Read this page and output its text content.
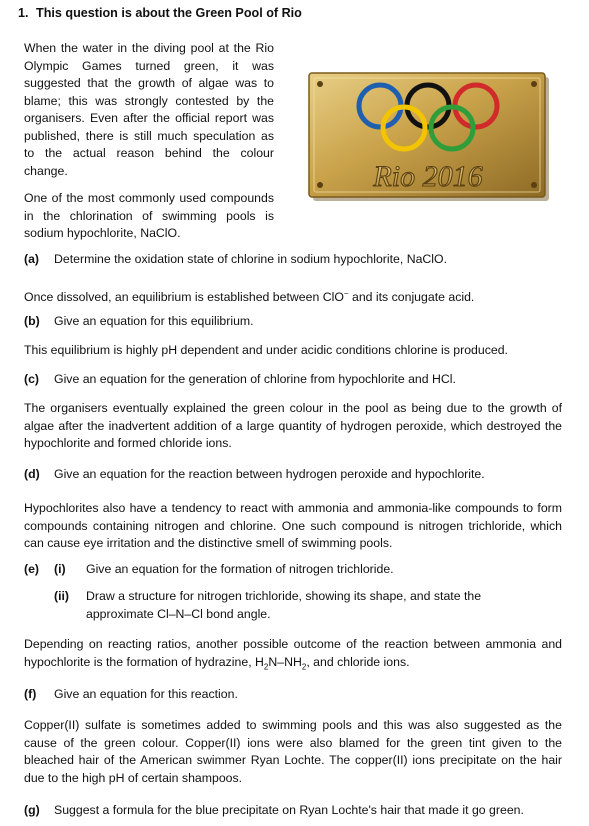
1. This question is about the Green Pool of Rio

When the water in the diving pool at the Rio Olympic Games turned green, it was suggested that the growth of algae was to blame; this was strongly contested by the organisers. Even after the official report was published, there is still much speculation as to the actual reason behind the colour change.

One of the most commonly used compounds in the chlorination of swimming pools is sodium hypochlorite, NaClO.

Rio 2016
(a) Determine the oxidation state of chlorine in sodium hypochlorite, NaClO.
Once dissolved, an equilibrium is established between ClO− and its conjugate acid.
(b) Give an equation for this equilibrium.
This equilibrium is highly pH dependent and under acidic conditions chlorine is produced.
(c) Give an equation for the generation of chlorine from hypochlorite and HCl.
The organisers eventually explained the green colour in the pool as being due to the growth of algae after the inadvertent addition of a large quantity of hydrogen peroxide, which destroyed the hypochlorite and formed chloride ions.
(d) Give an equation for the reaction between hydrogen peroxide and hypochlorite.
Hypochlorites also have a tendency to react with ammonia and ammonia-like compounds to form compounds containing nitrogen and chlorine. One such compound is nitrogen trichloride, which can cause eye irritation and the distinctive smell of swimming pools.
(e) (i) Give an equation for the formation of nitrogen trichloride.
(ii)	Draw a structure for nitrogen trichloride, showing its shape, and state the approximate Cl–N–Cl bond angle.
Depending on reacting ratios, another possible outcome of the reaction between ammonia and hypochlorite is the formation of hydrazine, $H_2N-NH_2$, and chloride ions.
(f) Give an equation for this reaction.
Copper(II) sulfate is sometimes added to swimming pools and this was also suggested as the cause of the green colour. Copper(II) ions were also blamed for the green tint given to the bleached hair of the American swimmer Ryan Lochte. The copper(II) ions precipitate on the hair due to the high pH of certain shampoos.
(g) Suggest a formula for the blue precipitate on Ryan Lochte's hair that made it go green.
